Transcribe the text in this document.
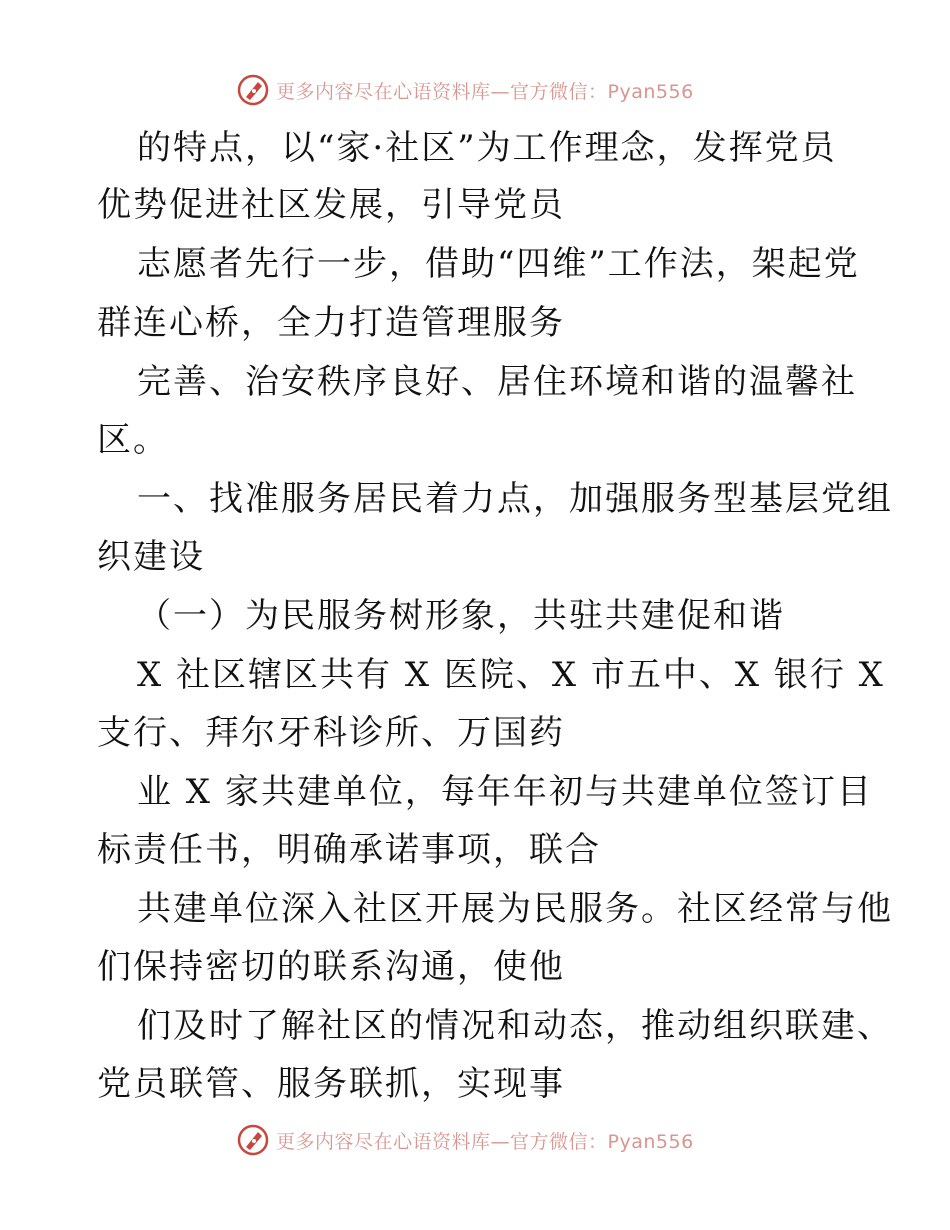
更多内容尽在心语资料库—官方微信：Pyan556
的特点，以“家·社区”为工作理念，发挥党员
优势促进社区发展，引导党员
志愿者先行一步，借助“四维”工作法，架起党
群连心桥，全力打造管理服务
完善、治安秩序良好、居住环境和谐的温馨社
区。
一、找准服务居民着力点，加强服务型基层党组
织建设
（一）为民服务树形象，共驻共建促和谐
X 社区辖区共有 X 医院、X 市五中、X 银行 X
支行、拜尔牙科诊所、万国药
业 X 家共建单位，每年年初与共建单位签订目
标责任书，明确承诺事项，联合
共建单位深入社区开展为民服务。社区经常与他
们保持密切的联系沟通，使他
们及时了解社区的情况和动态，推动组织联建、
党员联管、服务联抓，实现事
更多内容尽在心语资料库—官方微信：Pyan556
